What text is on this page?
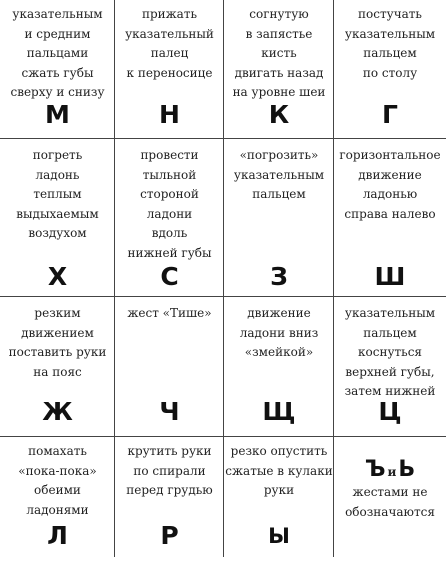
указательным
и средним
пальцами
сжать губы
сверху и снизу
М
прижать
указательный
палец
к переносице
Н
согнутую
в запястье
кисть
двигать назад
на уровне шеи
К
постучать
указательным
пальцем
по столу
Г
погреть
ладонь
теплым
выдыхаемым
воздухом
Х
провести
тыльной
стороной
ладони
вдоль
нижней губы
С
«погрозить»
указательным
пальцем
З
горизонтальное
движение
ладонью
справа налево
Ш
резким
движением
поставить руки
на пояс
Ж
жест «Тише»
Ч
движение
ладони вниз
«змейкой»
Щ
указательным
пальцем
коснуться
верхней губы,
затем нижней
Ц
помахать
«пока-пока»
обеими
ладонями
Л
крутить руки
по спирали
перед грудью
Р
резко опустить
сжатые в кулаки
руки
Ы
ЪиЬ
жестами не
обозначаются
